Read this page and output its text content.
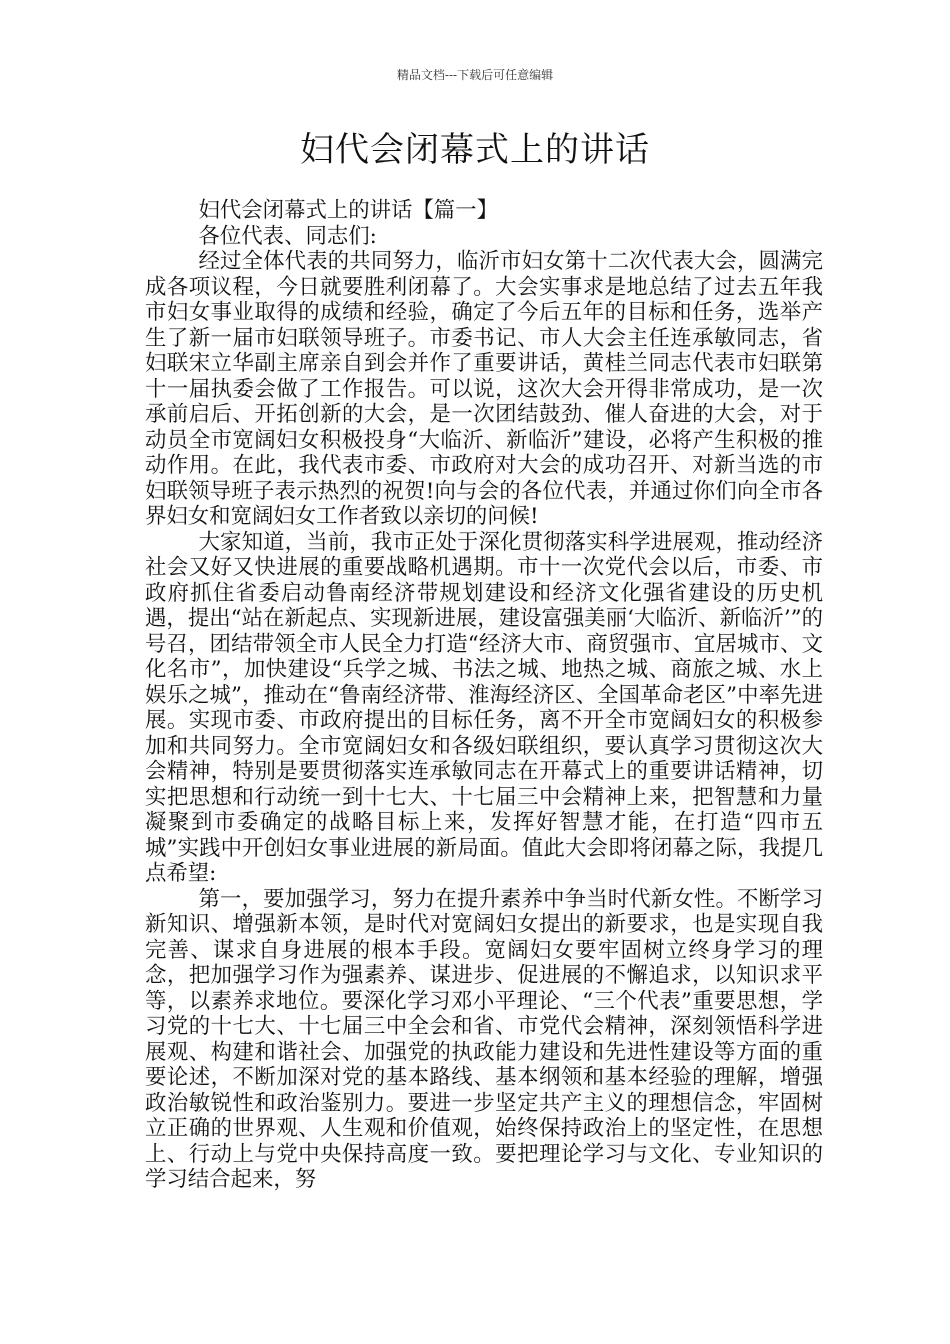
精品文档---下载后可任意编辑
妇代会闭幕式上的讲话

妇代会闭幕式上的讲话【篇一】

各位代表、同志们:

经过全体代表的共同努力，临沂市妇女第十二次代表大会，圆满完成各项议程，今日就要胜利闭幕了。大会实事求是地总结了过去五年我市妇女事业取得的成绩和经验，确定了今后五年的目标和任务，选举产生了新一届市妇联领导班子。市委书记、市人大会主任连承敏同志，省妇联宋立华副主席亲自到会并作了重要讲话，黄桂兰同志代表市妇联第十一届执委会做了工作报告。可以说，这次大会开得非常成功，是一次承前启后、开拓创新的大会，是一次团结鼓劲、催人奋进的大会，对于动员全市宽阔妇女积极投身“大临沂、新临沂”建设，必将产生积极的推动作用。在此，我代表市委、市政府对大会的成功召开、对新当选的市妇联领导班子表示热烈的祝贺!向与会的各位代表，并通过你们向全市各界妇女和宽阔妇女工作者致以亲切的问候!

大家知道，当前，我市正处于深化贯彻落实科学进展观，推动经济社会又好又快进展的重要战略机遇期。市十一次党代会以后，市委、市政府抓住省委启动鲁南经济带规划建设和经济文化强省建设的历史机遇，提出“站在新起点、实现新进展，建设富强美丽‘大临沂、新临沂’”的号召，团结带领全市人民全力打造“经济大市、商贸强市、宜居城市、文化名市”，加快建设“兵学之城、书法之城、地热之城、商旅之城、水上娱乐之城”，推动在“鲁南经济带、淮海经济区、全国革命老区”中率先进展。实现市委、市政府提出的目标任务，离不开全市宽阔妇女的积极参加和共同努力。全市宽阔妇女和各级妇联组织，要认真学习贯彻这次大会精神，特别是要贯彻落实连承敏同志在开幕式上的重要讲话精神，切实把思想和行动统一到十七大、十七届三中会精神上来，把智慧和力量凝聚到市委确定的战略目标上来，发挥好智慧才能，在打造“四市五城”实践中开创妇女事业进展的新局面。值此大会即将闭幕之际，我提几点希望:

第一，要加强学习，努力在提升素养中争当时代新女性。不断学习新知识、增强新本领，是时代对宽阔妇女提出的新要求，也是实现自我完善、谋求自身进展的根本手段。宽阔妇女要牢固树立终身学习的理念，把加强学习作为强素养、谋进步、促进展的不懈追求，以知识求平等，以素养求地位。要深化学习邓小平理论、“三个代表”重要思想，学习党的十七大、十七届三中全会和省、市党代会精神，深刻领悟科学进展观、构建和谐社会、加强党的执政能力建设和先进性建设等方面的重要论述，不断加深对党的基本路线、基本纲领和基本经验的理解，增强政治敏锐性和政治鉴别力。要进一步坚定共产主义的理想信念，牢固树立正确的世界观、人生观和价值观，始终保持政治上的坚定性，在思想上、行动上与党中央保持高度一致。要把理论学习与文化、专业知识的学习结合起来，努
